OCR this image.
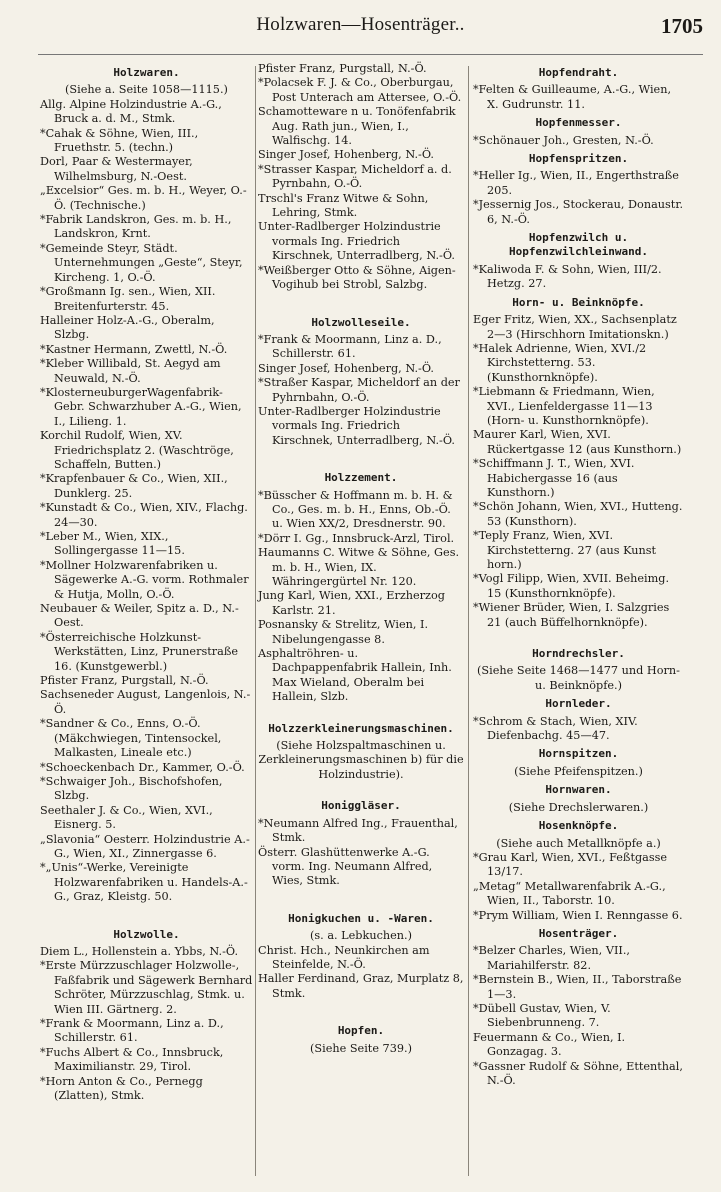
Holzwaren—Hosenträger..	1705
Holzwaren.
(Siehe a. Seite 1058—1115.)
Allg. Alpine Holzindustrie A.-G., Bruck a. d. M., Stmk.
*Cahak & Söhne, Wien, III., Fruethstr. 5. (techn.)
Dorl, Paar & Westermayer, Wilhelmsburg, N.-Oest.
„Excelsior“ Ges. m. b. H., Weyer, O.-Ö. (Technische.)
*Fabrik Landskron, Ges. m. b. H., Landskron, Krnt.
*Gemeinde Steyr, Städt. Unternehmungen „Geste“, Steyr, Kircheng. 1, O.-Ö.
*Großmann Ig. sen., Wien, XII. Breitenfurterstr. 45.
Halleiner Holz-A.-G., Oberalm, Slzbg.
*Kastner Hermann, Zwettl, N.-Ö.
*Kleber Willibald, St. Aegyd am Neuwald, N.-Ö.
*KlosterneuburgerWagenfabrik-Gebr. Schwarzhuber A.-G., Wien, I., Lilieng. 1.
Korchil Rudolf, Wien, XV. Friedrichsplatz 2. (Waschtröge, Schaffeln, Butten.)
*Krapfenbauer & Co., Wien, XII., Dunklerg. 25.
*Kunstadt & Co., Wien, XIV., Flachg. 24—30.
*Leber M., Wien, XIX., Sollingergasse 11—15.
*Mollner Holzwarenfabriken u. Sägewerke A.-G. vorm. Rothmaler & Hutja, Molln, O.-Ö.
Neubauer & Weiler, Spitz a. D., N.-Oest.
*Österreichische Holzkunst-Werkstätten, Linz, Prunerstraße 16. (Kunstgewerbl.)
Pfister Franz, Purgstall, N.-Ö.
Sachseneder August, Langenlois, N.-Ö.
*Sandner & Co., Enns, O.-Ö. (Mäkchwiegen, Tintensockel, Malkasten, Lineale etc.)
*Schoeckenbach Dr., Kammer, O.-Ö.
*Schwaiger Joh., Bischofshofen, Slzbg.
Seethaler J. & Co., Wien, XVI., Eisnerg. 5.
„Slavonia“ Oesterr. Holzindustrie A.-G., Wien, XI., Zinnergasse 6.
*„Unis“-Werke, Vereinigte Holzwarenfabriken u. Handels-A.-G., Graz, Kleistg. 50.
Holzwolle.
Diem L., Hollenstein a. Ybbs, N.-Ö.
*Erste Mürzzuschlager Holzwolle-, Faßfabrik und Sägewerk Bernhard Schröter, Mürzzuschlag, Stmk. u. Wien III. Gärtnerg. 2.
*Frank & Moormann, Linz a. D., Schillerstr. 61.
*Fuchs Albert & Co., Innsbruck, Maximilianstr. 29, Tirol.
*Horn Anton & Co., Pernegg (Zlatten), Stmk.
Pfister Franz, Purgstall, N.-Ö.
*Polacsek F. J. & Co., Oberburgau, Post Unterach am Attersee, O.-Ö.
Schamotteware n u. Tonöfenfabrik Aug. Rath jun., Wien, I., Walfischg. 14.
Singer Josef, Hohenberg, N.-Ö.
*Strasser Kaspar, Micheldorf a. d. Pyrnbahn, O.-Ö.
Trschl's Franz Witwe & Sohn, Lehring, Stmk.
Unter-Radlberger Holzindustrie vormals Ing. Friedrich Kirschnek, Unterradlberg, N.-Ö.
*Weißberger Otto & Söhne, Aigen-Vogihub bei Strobl, Salzbg.
Holzwolleseile.
*Frank & Moormann, Linz a. D., Schillerstr. 61.
Singer Josef, Hohenberg, N.-Ö.
*Straßer Kaspar, Micheldorf an der Pyhrnbahn, O.-Ö.
Unter-Radlberger Holzindustrie vormals Ing. Friedrich Kirschnek, Unterradlberg, N.-Ö.
Holzzement.
*Büsscher & Hoffmann m. b. H. & Co., Ges. m. b. H., Enns, Ob.-Ö. u. Wien XX/2, Dresdnerstr. 90.
*Dörr I. Gg., Innsbruck-Arzl, Tirol.
Haumanns C. Witwe & Söhne, Ges. m. b. H., Wien, IX. Währingergürtel Nr. 120.
Jung Karl, Wien, XXI., Erzherzog Karlstr. 21.
Posnansky & Strelitz, Wien, I. Nibelungengasse 8.
Asphaltröhren- u. Dachpappenfabrik Hallein, Inh. Max Wieland, Oberalm bei Hallein, Slzb.
Holzzerkleinerungsmaschinen.
(Siehe Holzspaltmaschinen u. Zerkleinerungsmaschinen b) für die Holzindustrie).
Honiggläser.
*Neumann Alfred Ing., Frauenthal, Stmk.
Österr. Glashüttenwerke A.-G. vorm. Ing. Neumann Alfred, Wies, Stmk.
Honigkuchen u. -Waren.
(s. a. Lebkuchen.)
Christ. Hch., Neunkirchen am Steinfelde, N.-Ö.
Haller Ferdinand, Graz, Murplatz 8, Stmk.
Hopfen.
(Siehe Seite 739.)
Hopfendraht.
*Felten & Guilleaume, A.-G., Wien, X. Gudrunstr. 11.
Hopfenmesser.
*Schönauer Joh., Gresten, N.-Ö.
Hopfenspritzen.
*Heller Ig., Wien, II., Engerthstraße 205.
*Jessernig Jos., Stockerau, Donaustr. 6, N.-Ö.
Hopfenzwilch u. Hopfenzwilchleinwand.
*Kaliwoda F. & Sohn, Wien, III/2. Hetzg. 27.
Horn- u. Beinknöpfe.
Eger Fritz, Wien, XX., Sachsenplatz 2—3 (Hirschhorn Imitationskn.)
*Halek Adrienne, Wien, XVI./2 Kirchstetterng. 53. (Kunsthornknöpfe).
*Liebmann & Friedmann, Wien, XVI., Lienfeldergasse 11—13 (Horn- u. Kunsthornknöpfe).
Maurer Karl, Wien, XVI. Rückertgasse 12 (aus Kunsthorn.)
*Schiffmann J. T., Wien, XVI. Habichergasse 16 (aus Kunsthorn.)
*Schön Johann, Wien, XVI., Hutteng. 53 (Kunsthorn).
*Teply Franz, Wien, XVI. Kirchstetterng. 27 (aus Kunst horn.)
*Vogl Filipp, Wien, XVII. Beheimg. 15 (Kunsthornknöpfe).
*Wiener Brüder, Wien, I. Salzgries 21 (auch Büffelhornknöpfe).
Horndrechsler.
(Siehe Seite 1468—1477 und Horn- u. Beinknöpfe.)
Hornleder.
*Schrom & Stach, Wien, XIV. Diefenbachg. 45—47.
Hornspitzen.
(Siehe Pfeifenspitzen.)
Hornwaren.
(Siehe Drechslerwaren.)
Hosenknöpfe.
(Siehe auch Metallknöpfe a.)
*Grau Karl, Wien, XVI., Feßtgasse 13/17.
„Metag“ Metallwarenfabrik A.-G., Wien, II., Taborstr. 10.
*Prym William, Wien I. Renngasse 6.
Hosenträger.
*Belzer Charles, Wien, VII., Mariahilferstr. 82.
*Bernstein B., Wien, II., Taborstraße 1—3.
*Dübell Gustav, Wien, V. Siebenbrunneng. 7.
Feuermann & Co., Wien, I. Gonzagag. 3.
*Gassner Rudolf & Söhne, Ettenthal, N.-Ö.
